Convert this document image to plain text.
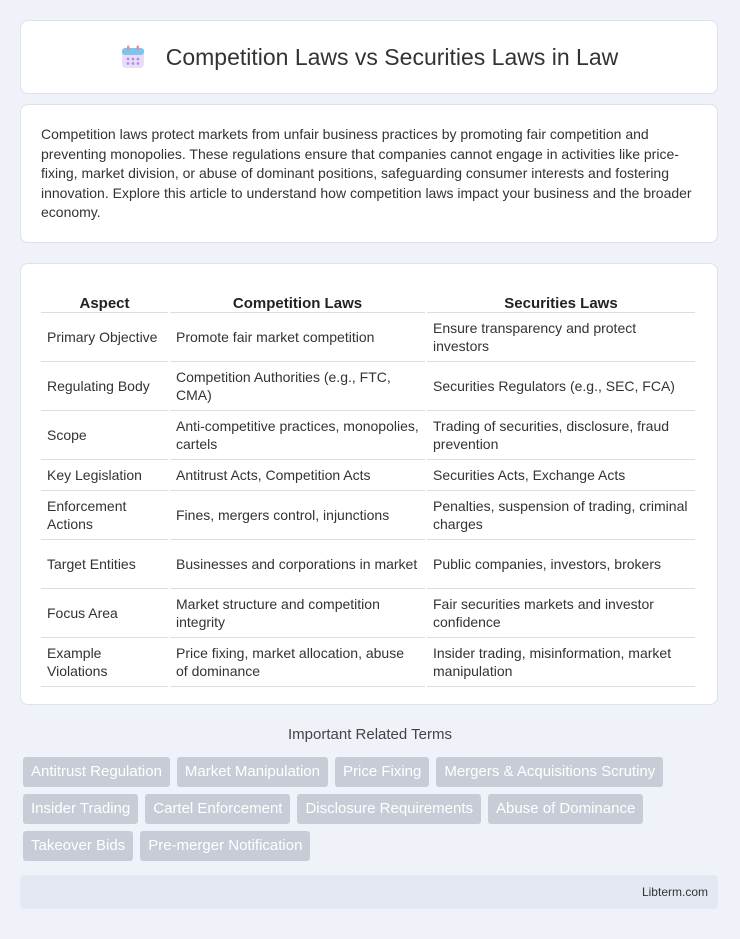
Competition Laws vs Securities Laws in Law

Competition laws protect markets from unfair business practices by promoting fair competition and preventing monopolies. These regulations ensure that companies cannot engage in activities like price-fixing, market division, or abuse of dominant positions, safeguarding consumer interests and fostering innovation. Explore this article to understand how competition laws impact your business and the broader economy.

Aspect	Competition Laws	Securities Laws
Primary Objective	Promote fair market competition	Ensure transparency and protect investors
Regulating Body	Competition Authorities (e.g., FTC, CMA)	Securities Regulators (e.g., SEC, FCA)
Scope	Anti-competitive practices, monopolies, cartels	Trading of securities, disclosure, fraud prevention
Key Legislation	Antitrust Acts, Competition Acts	Securities Acts, Exchange Acts
Enforcement Actions	Fines, mergers control, injunctions	Penalties, suspension of trading, criminal charges
Target Entities	Businesses and corporations in market	Public companies, investors, brokers
Focus Area	Market structure and competition integrity	Fair securities markets and investor confidence
Example Violations	Price fixing, market allocation, abuse of dominance	Insider trading, misinformation, market manipulation
Important Related Terms
Antitrust Regulation	Market Manipulation	Price Fixing	Mergers & Acquisitions Scrutiny
Insider Trading	Cartel Enforcement	Disclosure Requirements	Abuse of Dominance
Takeover Bids	Pre-merger Notification
Libterm.com
